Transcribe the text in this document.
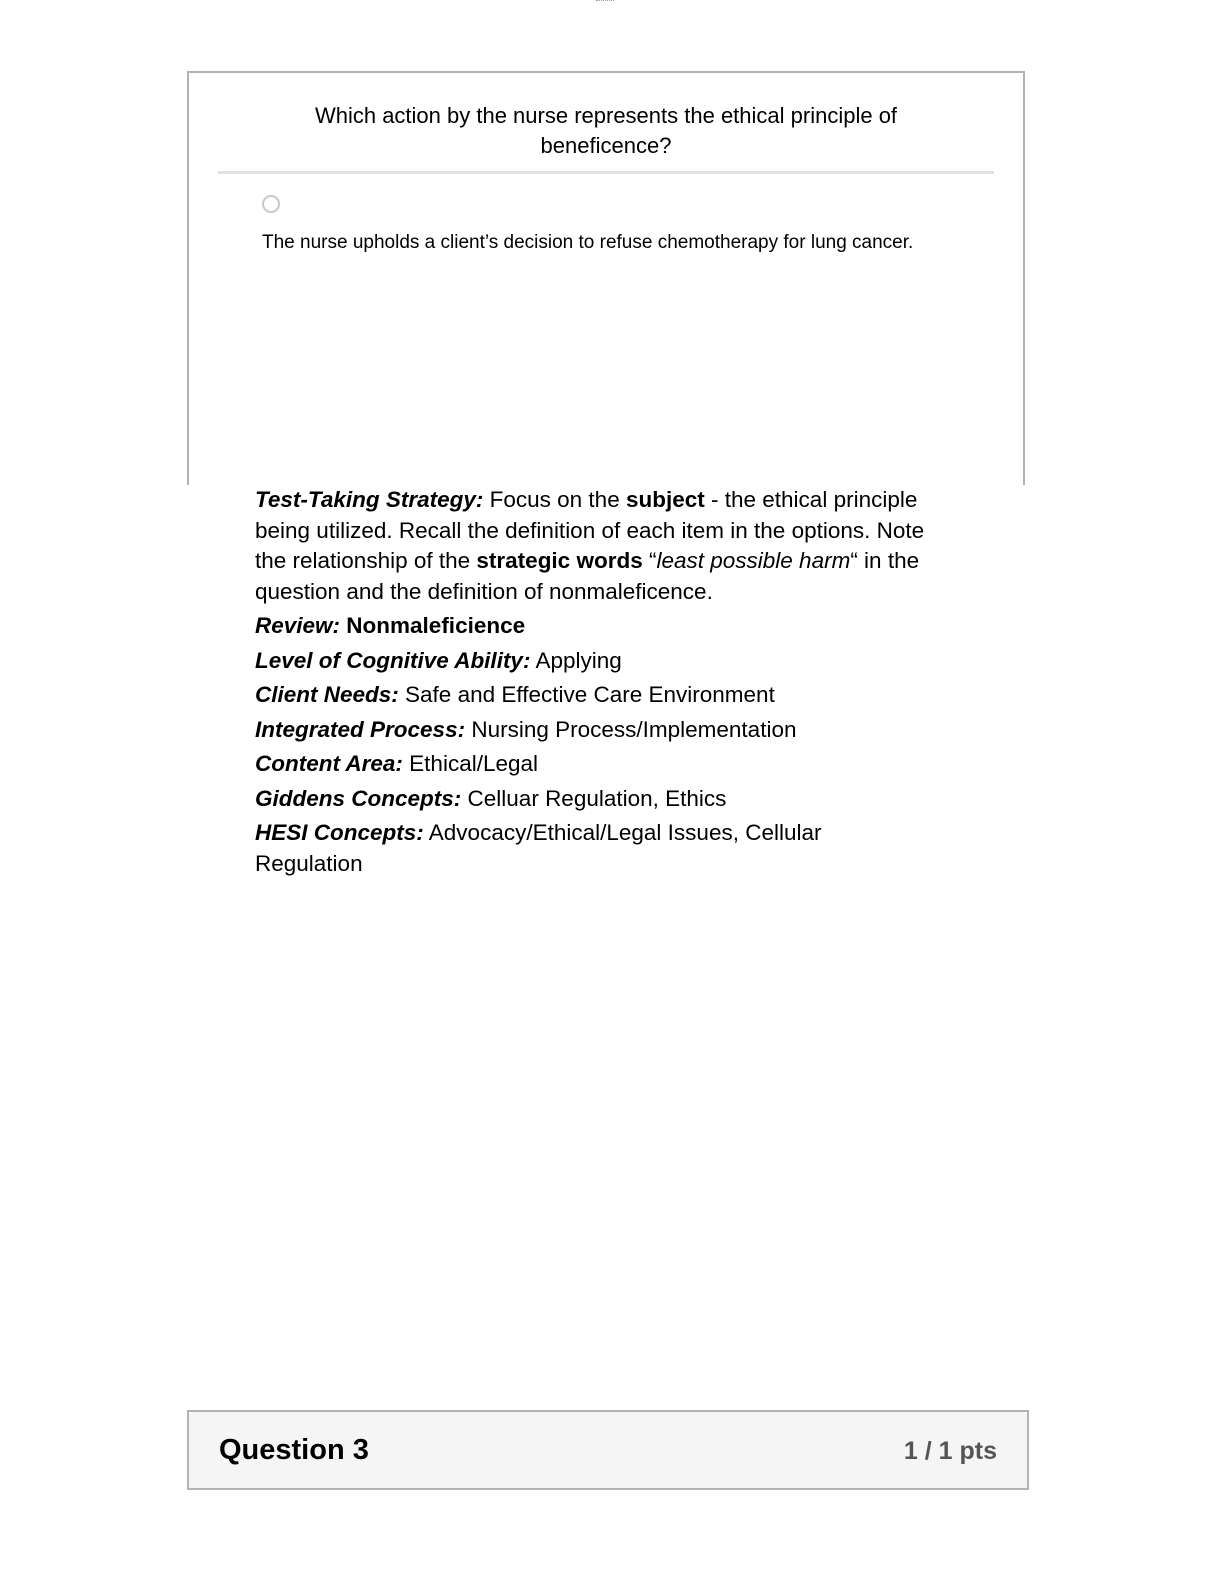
Which action by the nurse represents the ethical principle of beneficence?
The nurse upholds a client’s decision to refuse chemotherapy for lung cancer.

Test-Taking Strategy: Focus on the subject - the ethical principle being utilized. Recall the definition of each item in the options. Note the relationship of the strategic words “least possible harm“ in the question and the definition of nonmaleficence.

Review: Nonmaleficience

Level of Cognitive Ability: Applying

Client Needs: Safe and Effective Care Environment

Integrated Process: Nursing Process/Implementation

Content Area: Ethical/Legal

Giddens Concepts: Celluar Regulation, Ethics

HESI Concepts: Advocacy/Ethical/Legal Issues, Cellular Regulation

Question 3	1 / 1 pts
